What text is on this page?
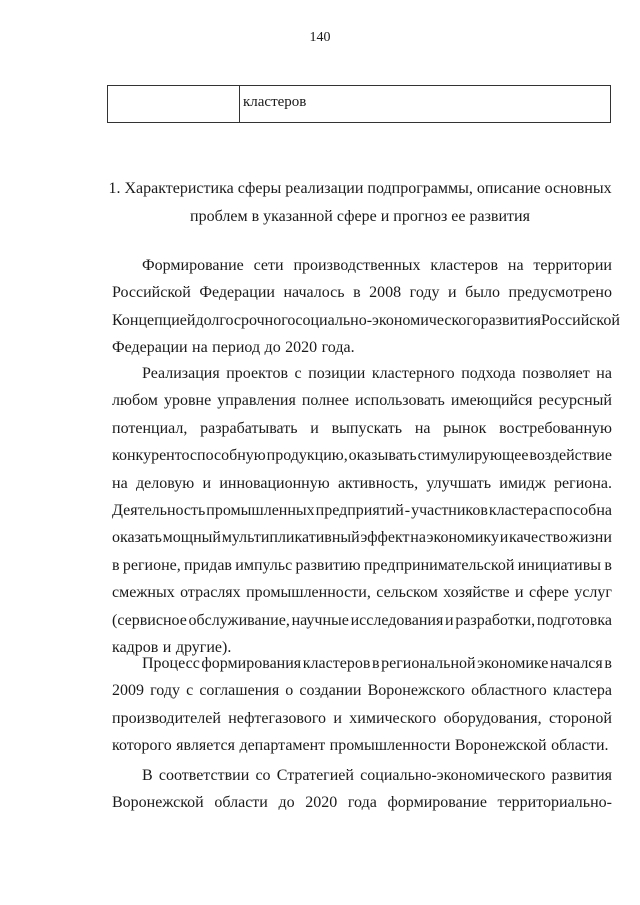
140
кластеров
1. Характеристика сферы реализации подпрограммы, описание основных
проблем в указанной сфере и прогноз ее развития
Формирование сети производственных кластеров на территории
Российской Федерации началось в 2008 году и было предусмотрено
Концепцией долгосрочного социально-экономического развития Российской
Федерации на период до 2020 года.
Реализация проектов с позиции кластерного подхода позволяет на
любом уровне управления полнее использовать имеющийся ресурсный
потенциал, разрабатывать и выпускать на рынок востребованную
конкурентоспособную продукцию, оказывать стимулирующее воздействие
на деловую и инновационную активность, улучшать имидж региона.
Деятельность промышленных предприятий - участников кластера способна
оказать мощный мультипликативный эффект на экономику и качество жизни
в регионе, придав импульс развитию предпринимательской инициативы в
смежных отраслях промышленности, сельском хозяйстве и сфере услуг
(сервисное обслуживание, научные исследования и разработки, подготовка
кадров и другие).
Процесс формирования кластеров в региональной экономике начался в
2009 году с соглашения о создании Воронежского областного кластера
производителей нефтегазового и химического оборудования, стороной
которого является департамент промышленности Воронежской области.
В соответствии со Стратегией социально-экономического развития
Воронежской области до 2020 года формирование территориально-
